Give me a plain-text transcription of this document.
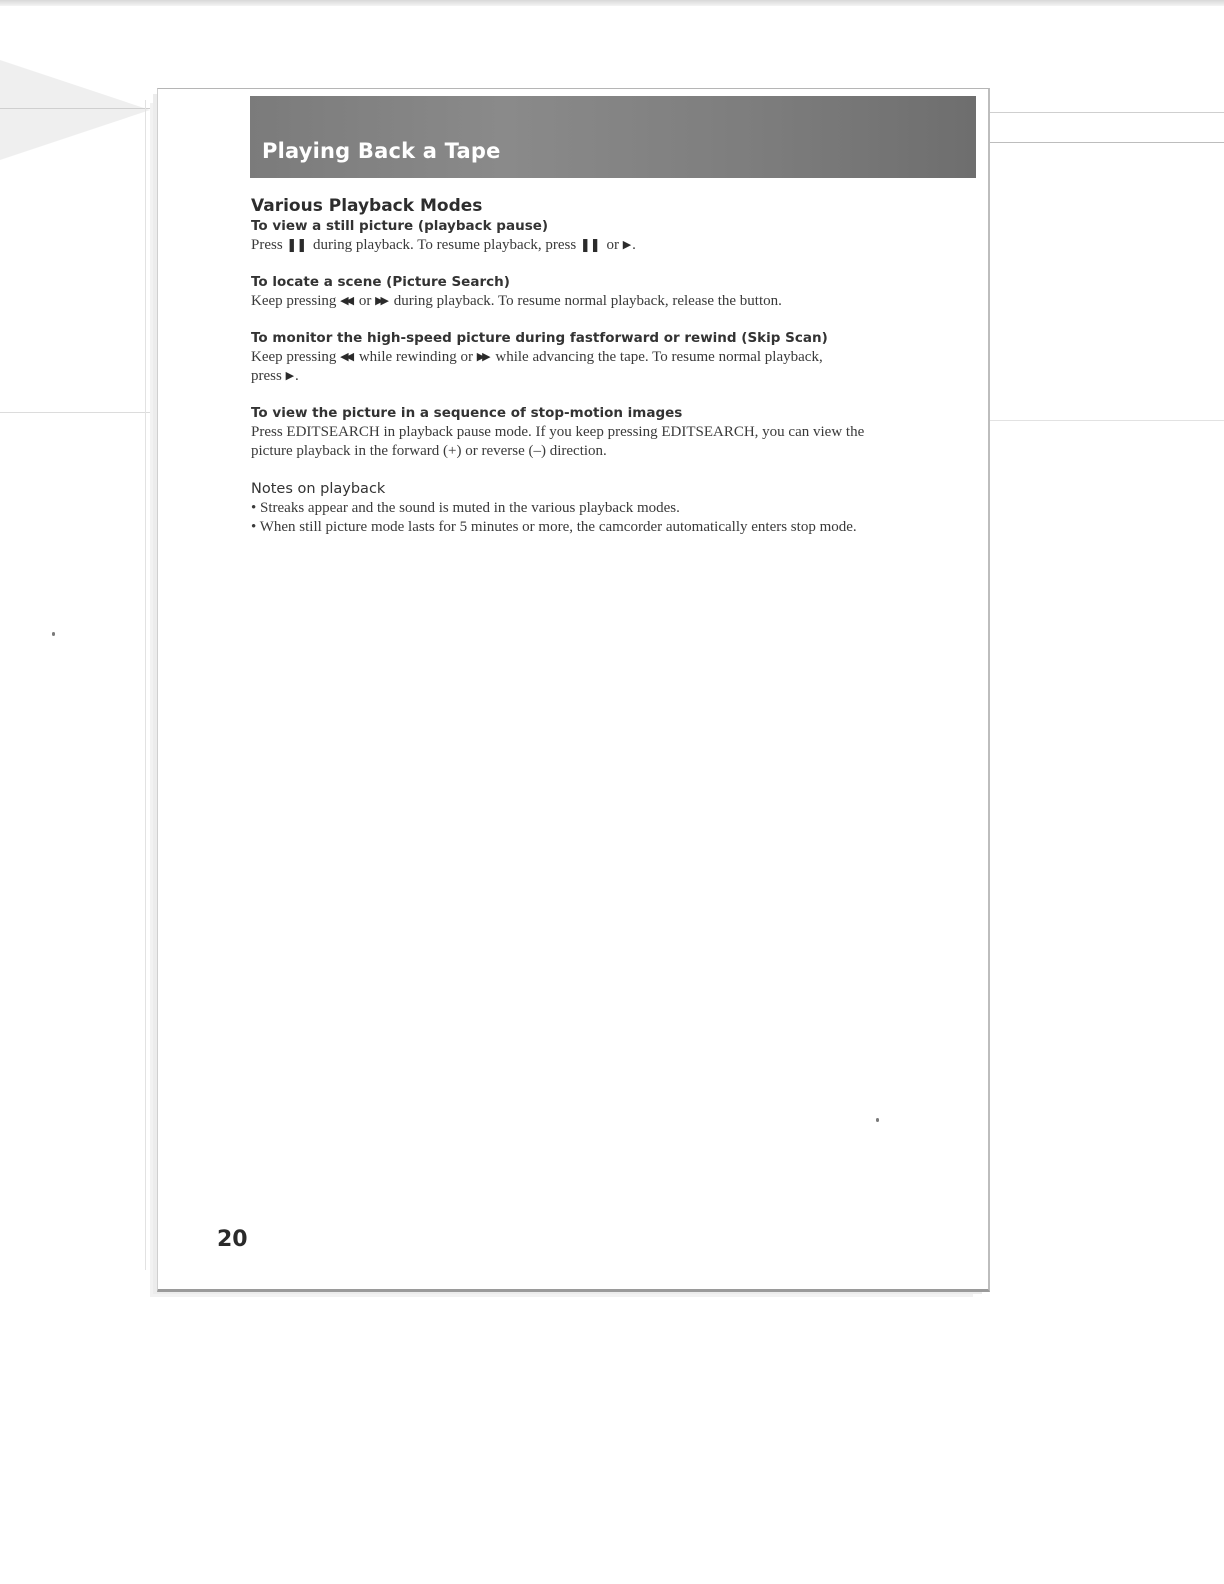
Playing Back a Tape

Various Playback Modes

To view a still picture (playback pause)

Press ❚❚ during playback. To resume playback, press ❚❚ or ▶ .

To locate a scene (Picture Search)

Keep pressing ◀◀ or ▶▶ during playback. To resume normal playback, release the button.

To monitor the high-speed picture during fastforward or rewind (Skip Scan)

Keep pressing ◀◀ while rewinding or ▶▶ while advancing the tape. To resume normal playback,

press ▶ .

To view the picture in a sequence of stop-motion images

Press EDITSEARCH in playback pause mode. If you keep pressing EDITSEARCH, you can view the

picture playback in the forward (+) or reverse (–) direction.

Notes on playback

• Streaks appear and the sound is muted in the various playback modes.

• When still picture mode lasts for 5 minutes or more, the camcorder automatically enters stop mode.

20
